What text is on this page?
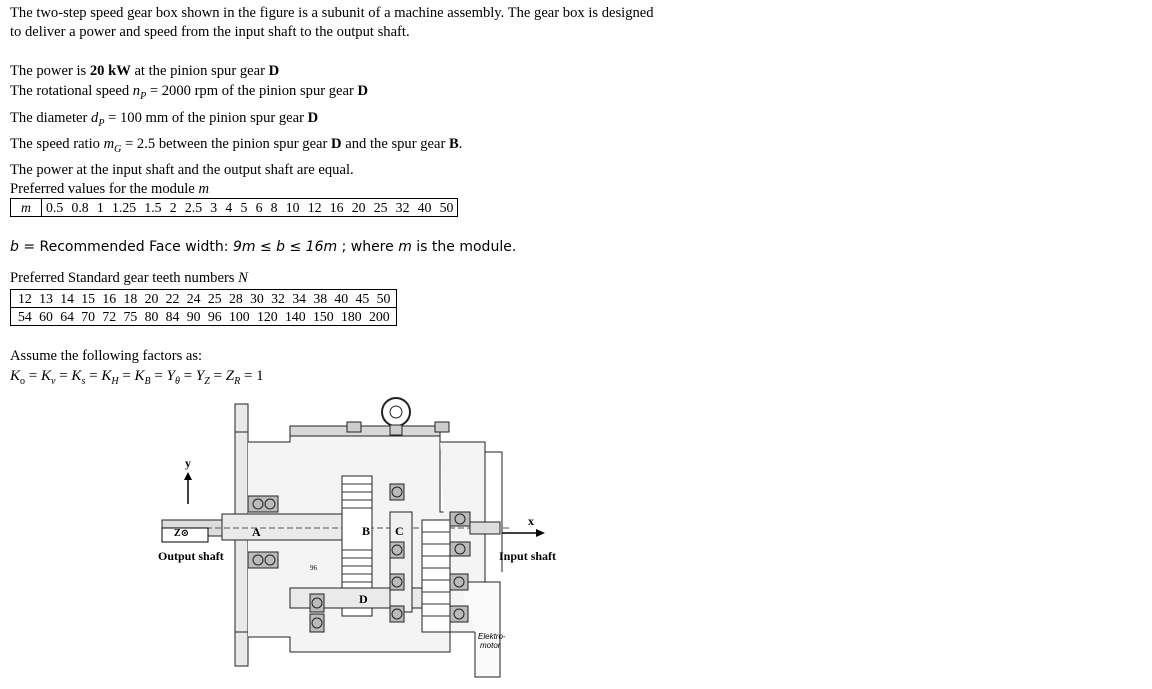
The two-step speed gear box shown in the figure is a subunit of a machine assembly. The gear box is designed

to deliver a power and speed from the input shaft to the output shaft.

The power is 20 kW at the pinion spur gear D

The rotational speed $n_P = 2000$ rpm of the pinion spur gear D

The diameter $d_P = 100$ mm of the pinion spur gear D

The speed ratio $m_G = 2.5$ between the pinion spur gear D and the spur gear B.

The power at the input shaft and the output shaft are equal.

Preferred values for the module m

m	0.5 0.8 1 1.25 1.5 2 2.5 3 4 5 6 8 10 12 16 20 25 32 40 50

b = Recommended Face width: 9m ≤ b ≤ 16m ; where m is the module.

Preferred Standard gear teeth numbers N

12 13 14 15 16 18 20 22 24 25 28 30 32 34 38 40 45 50
54 60 64 70 72 75 80 84 90 96 100 120 140 150 180 200

Assume the following factors as:

$K_o = K_v = K_s = K_H = K_B = Y_\theta = Y_Z = Z_R = 1$

y
x
Z⊙	A	B C
D
Output shaft	Input shaft
Elektro-
motor
96
